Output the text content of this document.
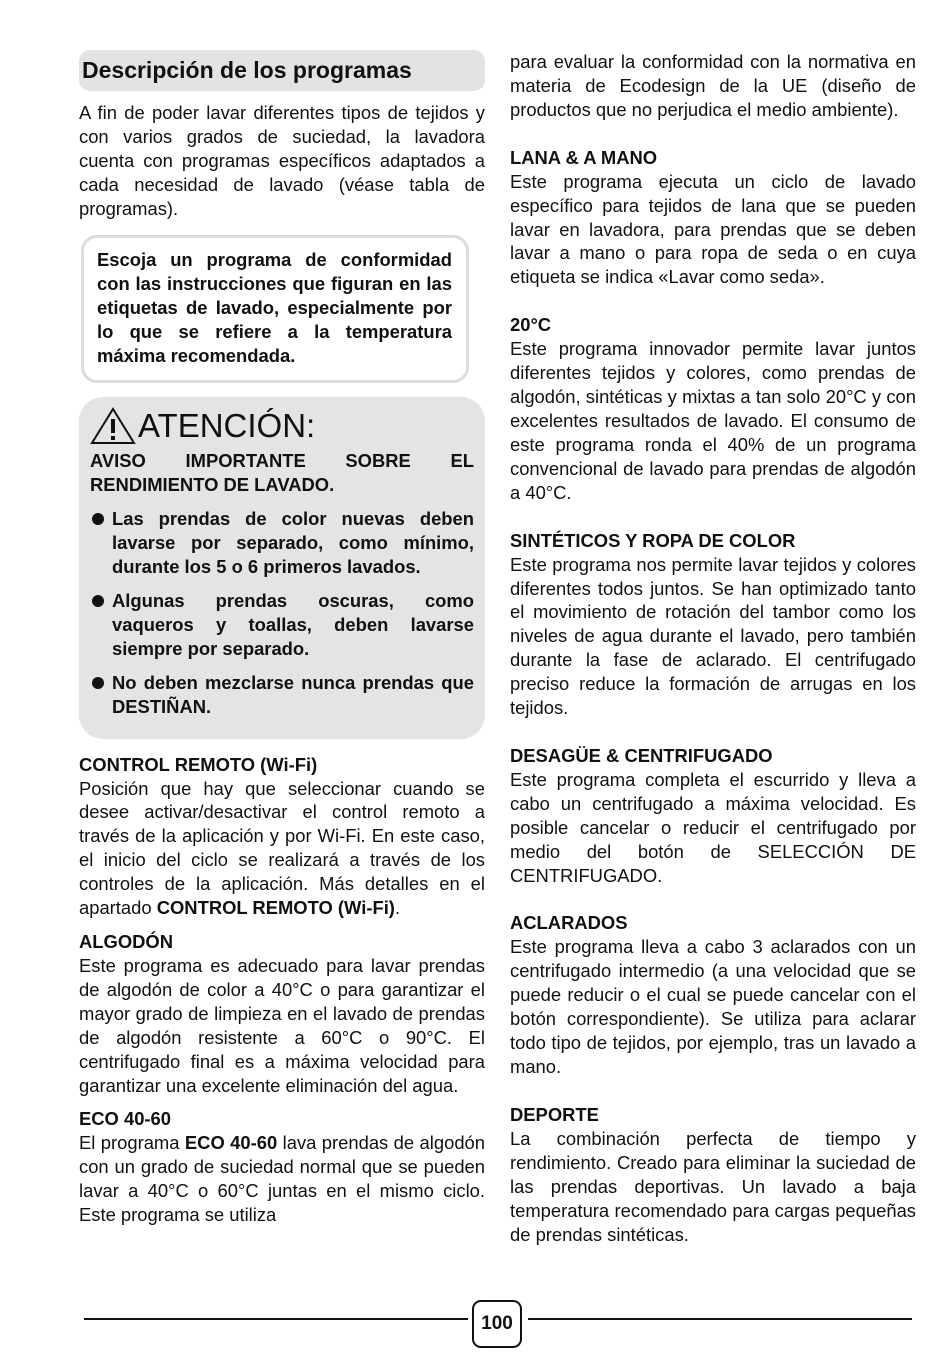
Descripción de los programas

A fin de poder lavar diferentes tipos de tejidos y con varios grados de suciedad, la lavadora cuenta con programas específicos adaptados a cada necesidad de lavado (véase tabla de programas).

Escoja un programa de conformidad con las instrucciones que figuran en las etiquetas de lavado, especialmente por lo que se refiere a la temperatura máxima recomendada.

ATENCIÓN:

AVISO IMPORTANTE SOBRE EL RENDIMIENTO DE LAVADO.

Las prendas de color nuevas deben lavarse por separado, como mínimo, durante los 5 o 6 primeros lavados.
Algunas prendas oscuras, como vaqueros y toallas, deben lavarse siempre por separado.
No deben mezclarse nunca prendas que DESTIÑAN.
CONTROL REMOTO (Wi-Fi)

Posición que hay que seleccionar cuando se desee activar/desactivar el control remoto a través de la aplicación y por Wi-Fi. En este caso, el inicio del ciclo se realizará a través de los controles de la aplicación. Más detalles en el apartado CONTROL REMOTO (Wi-Fi).

ALGODÓN

Este programa es adecuado para lavar prendas de algodón de color a 40°C o para garantizar el mayor grado de limpieza en el lavado de prendas de algodón resistente a 60°C o 90°C. El centrifugado final es a máxima velocidad para garantizar una excelente eliminación del agua.

ECO 40-60

El programa ECO 40-60 lava prendas de algodón con un grado de suciedad normal que se pueden lavar a 40°C o 60°C juntas en el mismo ciclo. Este programa se utiliza

para evaluar la conformidad con la normativa en materia de Ecodesign de la UE (diseño de productos que no perjudica el medio ambiente).

LANA & A MANO

Este programa ejecuta un ciclo de lavado específico para tejidos de lana que se pueden lavar en lavadora, para prendas que se deben lavar a mano o para ropa de seda o en cuya etiqueta se indica «Lavar como seda».

20°C

Este programa innovador permite lavar juntos diferentes tejidos y colores, como prendas de algodón, sintéticas y mixtas a tan solo 20°C y con excelentes resultados de lavado. El consumo de este programa ronda el 40% de un programa convencional de lavado para prendas de algodón a 40°C.

SINTÉTICOS Y ROPA DE COLOR

Este programa nos permite lavar tejidos y colores diferentes todos juntos. Se han optimizado tanto el movimiento de rotación del tambor como los niveles de agua durante el lavado, pero también durante la fase de aclarado. El centrifugado preciso reduce la formación de arrugas en los tejidos.

DESAGÜE & CENTRIFUGADO

Este programa completa el escurrido y lleva a cabo un centrifugado a máxima velocidad. Es posible cancelar o reducir el centrifugado por medio del botón de SELECCIÓN DE CENTRIFUGADO.

ACLARADOS

Este programa lleva a cabo 3 aclarados con un centrifugado intermedio (a una velocidad que se puede reducir o el cual se puede cancelar con el botón correspondiente). Se utiliza para aclarar todo tipo de tejidos, por ejemplo, tras un lavado a mano.

DEPORTE

La combinación perfecta de tiempo y rendimiento. Creado para eliminar la suciedad de las prendas deportivas. Un lavado a baja temperatura recomendado para cargas pequeñas de prendas sintéticas.

100
